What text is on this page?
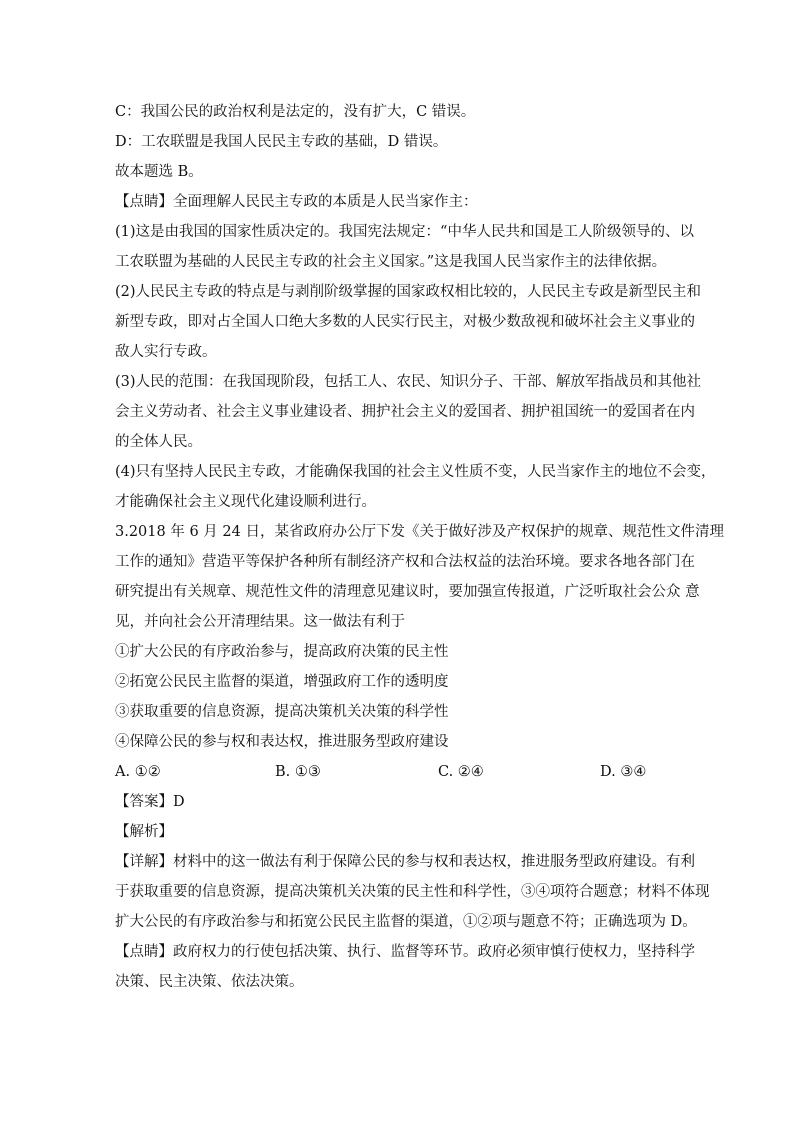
C：我国公民的政治权利是法定的，没有扩大，C 错误。

D：工农联盟是我国人民民主专政的基础，D 错误。

故本题选 B。

【点睛】全面理解人民民主专政的本质是人民当家作主：

(1)这是由我国的国家性质决定的。我国宪法规定：“中华人民共和国是工人阶级领导的、以

工农联盟为基础的人民民主专政的社会主义国家。”这是我国人民当家作主的法律依据。

(2)人民民主专政的特点是与剥削阶级掌握的国家政权相比较的，人民民主专政是新型民主和

新型专政，即对占全国人口绝大多数的人民实行民主，对极少数敌视和破坏社会主义事业的

敌人实行专政。

(3)人民的范围：在我国现阶段，包括工人、农民、知识分子、干部、解放军指战员和其他社

会主义劳动者、社会主义事业建设者、拥护社会主义的爱国者、拥护祖国统一的爱国者在内

的全体人民。

(4)只有坚持人民民主专政，才能确保我国的社会主义性质不变，人民当家作主的地位不会变，

才能确保社会主义现代化建设顺利进行。

3.2018 年 6 月 24 日，某省政府办公厅下发《关于做好涉及产权保护的规章、规范性文件清理

工作的通知》营造平等保护各种所有制经济产权和合法权益的法治环境。要求各地各部门在

研究提出有关规章、规范性文件的清理意见建议时，要加强宣传报道，广泛听取社会公众 意

见，并向社会公开清理结果。这一做法有利于

①扩大公民的有序政治参与，提高政府决策的民主性

②拓宽公民民主监督的渠道，增强政府工作的透明度

③获取重要的信息资源，提高决策机关决策的科学性

④保障公民的参与权和表达权，推进服务型政府建设

A. ①②	B. ①③	C. ②④	D. ③④

【答案】D

【解析】

【详解】材料中的这一做法有利于保障公民的参与权和表达权，推进服务型政府建设。有利

于获取重要的信息资源，提高决策机关决策的民主性和科学性，③④项符合题意；材料不体现

扩大公民的有序政治参与和拓宽公民民主监督的渠道，①②项与题意不符；正确选项为 D。

【点睛】政府权力的行使包括决策、执行、监督等环节。政府必须审慎行使权力，坚持科学

决策、民主决策、依法决策。
